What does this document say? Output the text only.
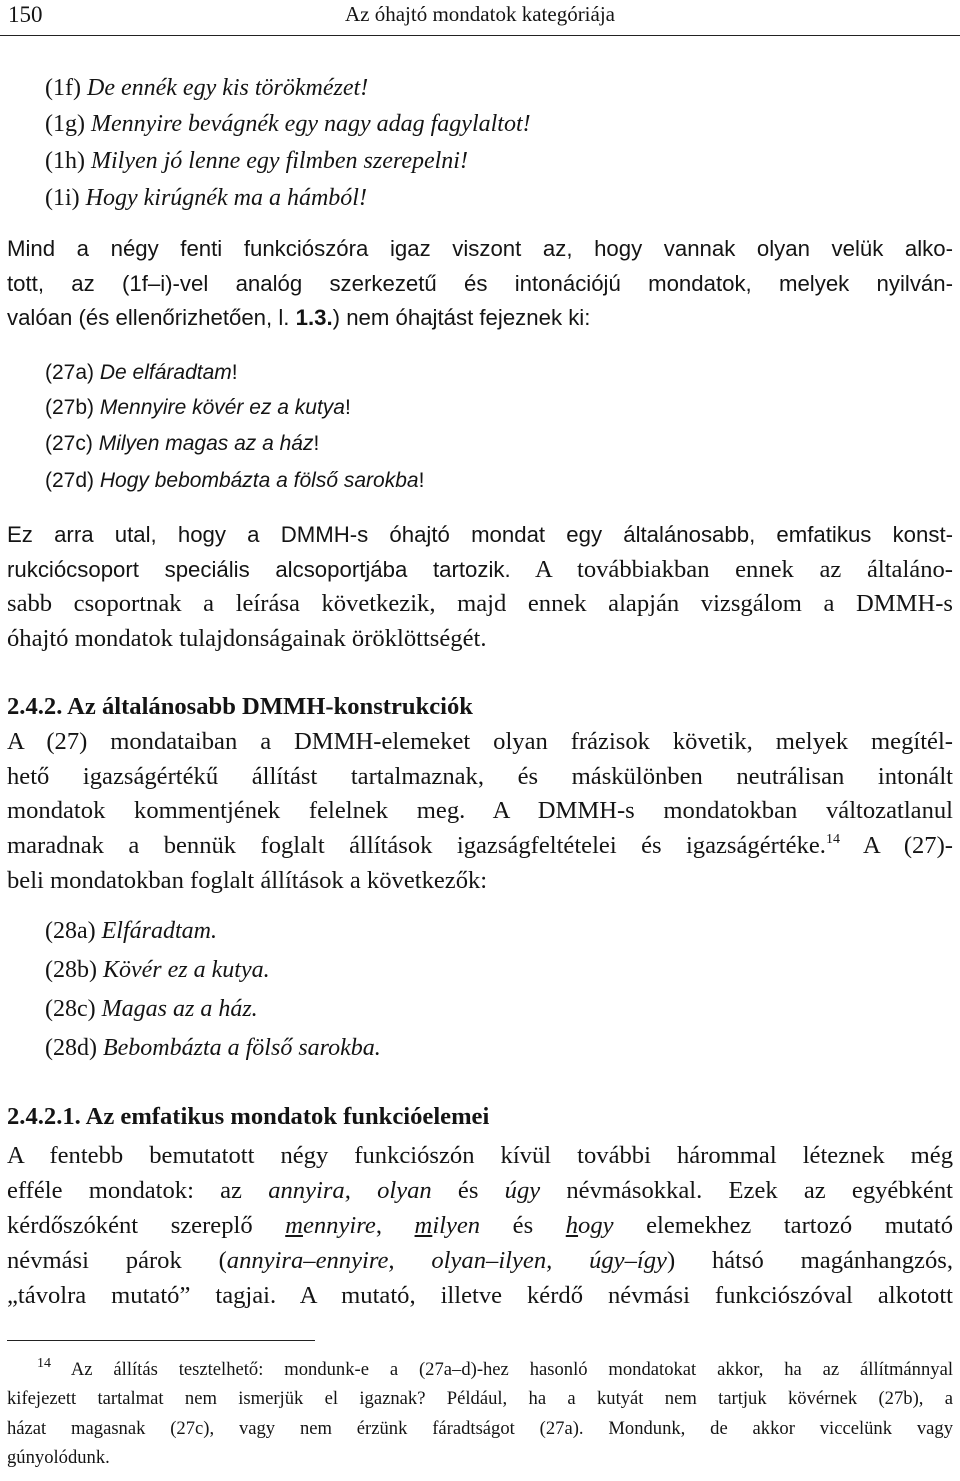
150	Az óhajtó mondatok kategóriája
(1f) De ennék egy kis törökmézet!
(1g) Mennyire bevágnék egy nagy adag fagylaltot!
(1h) Milyen jó lenne egy filmben szerepelni!
(1i) Hogy kirúgnék ma a hámból!
Mind a négy fenti funkciószóra igaz viszont az, hogy vannak olyan velük alko-
tott, az (1f–i)-vel analóg szerkezetű és intonációjú mondatok, melyek nyilván-
valóan (és ellenőrizhetően, l. 1.3.) nem óhajtást fejeznek ki:
(27a) De elfáradtam!
(27b) Mennyire kövér ez a kutya!
(27c) Milyen magas az a ház!
(27d) Hogy bebombázta a fölső sarokba!
Ez arra utal, hogy a DMMH-s óhajtó mondat egy általánosabb, emfatikus konst-
rukciócsoport speciális alcsoportjába tartozik. A továbbiakban ennek az általáno-
sabb csoportnak a leírása következik, majd ennek alapján vizsgálom a DMMH-s
óhajtó mondatok tulajdonságainak öröklöttségét.
2.4.2. Az általánosabb DMMH-konstrukciók
A (27) mondataiban a DMMH-elemeket olyan frázisok követik, melyek megítél-
hető igazságértékű állítást tartalmaznak, és máskülönben neutrálisan intonált
mondatok kommentjének felelnek meg. A DMMH-s mondatokban változatlanul
maradnak a bennük foglalt állítások igazságfeltételei és igazságértéke.$^{14}$ A (27)-
beli mondatokban foglalt állítások a következők:
(28a) Elfáradtam.
(28b) Kövér ez a kutya.
(28c) Magas az a ház.
(28d) Bebombázta a fölső sarokba.
2.4.2.1. Az emfatikus mondatok funkcióelemei
A fentebb bemutatott négy funkciószón kívül további hárommal léteznek még
efféle mondatok: az annyira, olyan és úgy névmásokkal. Ezek az egyébként
kérdőszóként szereplő mennyire, milyen és hogy elemekhez tartozó mutató
névmási párok (annyira–ennyire, olyan–ilyen, úgy–így) hátsó magánhangzós,
„távolra mutató” tagjai. A mutató, illetve kérdő névmási funkciószóval alkotott
$^{14}$ Az állítás tesztelhető: mondunk-e a (27a–d)-hez hasonló mondatokat akkor, ha az állítmánnyal
kifejezett tartalmat nem ismerjük el igaznak? Például, ha a kutyát nem tartjuk kövérnek (27b), a
házat magasnak (27c), vagy nem érzünk fáradtságot (27a). Mondunk, de akkor viccelünk vagy
gúnyolódunk.
